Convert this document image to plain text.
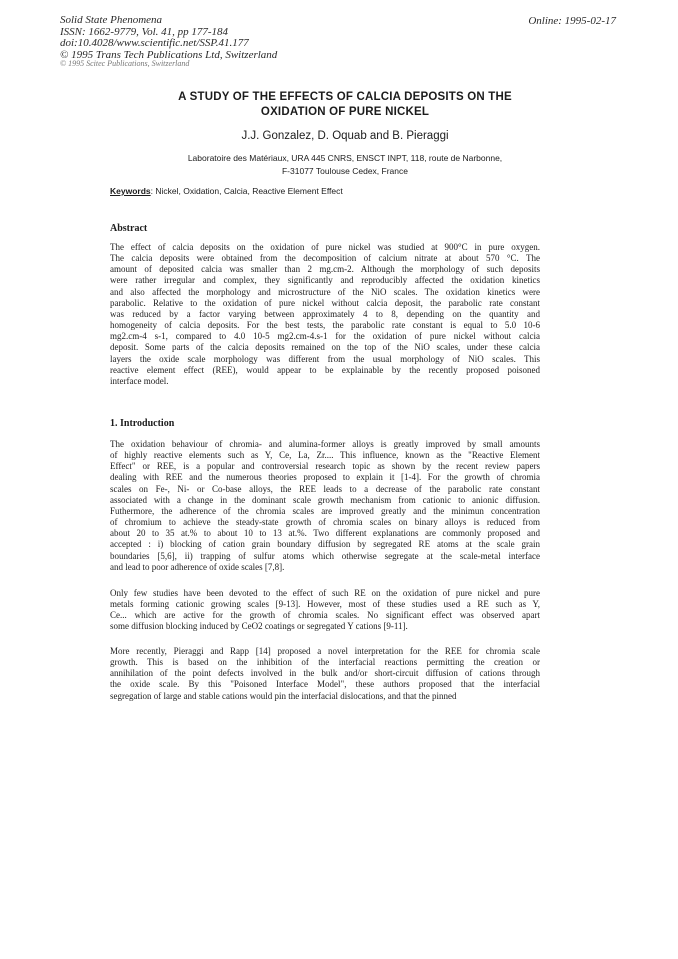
Solid State Phenomena
ISSN: 1662-9779, Vol. 41, pp 177-184
doi:10.4028/www.scientific.net/SSP.41.177
© 1995 Trans Tech Publications Ltd, Switzerland
© 1995 Scitec Publications, Switzerland
Online: 1995-02-17
A STUDY OF THE EFFECTS OF CALCIA DEPOSITS ON THE
OXIDATION OF PURE NICKEL
J.J. Gonzalez, D. Oquab and B. Pieraggi
Laboratoire des Matériaux, URA 445 CNRS, ENSCT INPT, 118, route de Narbonne,
F-31077 Toulouse Cedex, France
Keywords: Nickel, Oxidation, Calcia, Reactive Element Effect
Abstract
The effect of calcia deposits on the oxidation of pure nickel was studied at 900°C in pure oxygen.
The calcia deposits were obtained from the decomposition of calcium nitrate at about 570 °C. The
amount of deposited calcia was smaller than 2 mg.cm-2. Although the morphology of such deposits
were rather irregular and complex, they significantly and reproducibly affected the oxidation kinetics
and also affected the morphology and microstructure of the NiO scales. The oxidation kinetics were
parabolic. Relative to the oxidation of pure nickel without calcia deposit, the parabolic rate constant
was reduced by a factor varying between approximately 4 to 8, depending on the quantity and
homogeneity of calcia deposits. For the best tests, the parabolic rate constant is equal to 5.0 10-6
mg2.cm-4 s-1, compared to 4.0 10-5 mg2.cm-4.s-1 for the oxidation of pure nickel without calcia
deposit. Some parts of the calcia deposits remained on the top of the NiO scales, under these calcia
layers the oxide scale morphology was different from the usual morphology of NiO scales. This
reactive element effect (REE), would appear to be explainable by the recently proposed poisoned
interface model.
1. Introduction
The oxidation behaviour of chromia- and alumina-former alloys is greatly improved by small amounts
of highly reactive elements such as Y, Ce, La, Zr.... This influence, known as the "Reactive Element
Effect" or REE, is a popular and controversial research topic as shown by the recent review papers
dealing with REE and the numerous theories proposed to explain it [1-4]. For the growth of chromia
scales on Fe-, Ni- or Co-base alloys, the REE leads to a decrease of the parabolic rate constant
associated with a change in the dominant scale growth mechanism from cationic to anionic diffusion.
Futhermore, the adherence of the chromia scales are improved greatly and the minimun concentration
of chromium to achieve the steady-state growth of chromia scales on binary alloys is reduced from
about 20 to 35 at.% to about 10 to 13 at.%. Two different explanations are commonly proposed and
accepted : i) blocking of cation grain boundary diffusion by segregated RE atoms at the scale grain
boundaries [5,6], ii) trapping of sulfur atoms which otherwise segregate at the scale-metal interface
and lead to poor adherence of oxide scales [7,8].
Only few studies have been devoted to the effect of such RE on the oxidation of pure nickel and pure
metals forming cationic growing scales [9-13]. However, most of these studies used a RE such as Y,
Ce... which are active for the growth of chromia scales. No significant effect was observed apart
some diffusion blocking induced by CeO2 coatings or segregated Y cations [9-11].
More recently, Pieraggi and Rapp [14] proposed a novel interpretation for the REE for chromia scale
growth. This is based on the inhibition of the interfacial reactions permitting the creation or
annihilation of the point defects involved in the bulk and/or short-circuit diffusion of cations through
the oxide scale. By this "Poisoned Interface Model", these authors proposed that the interfacial
segregation of large and stable cations would pin the interfacial dislocations, and that the pinned
